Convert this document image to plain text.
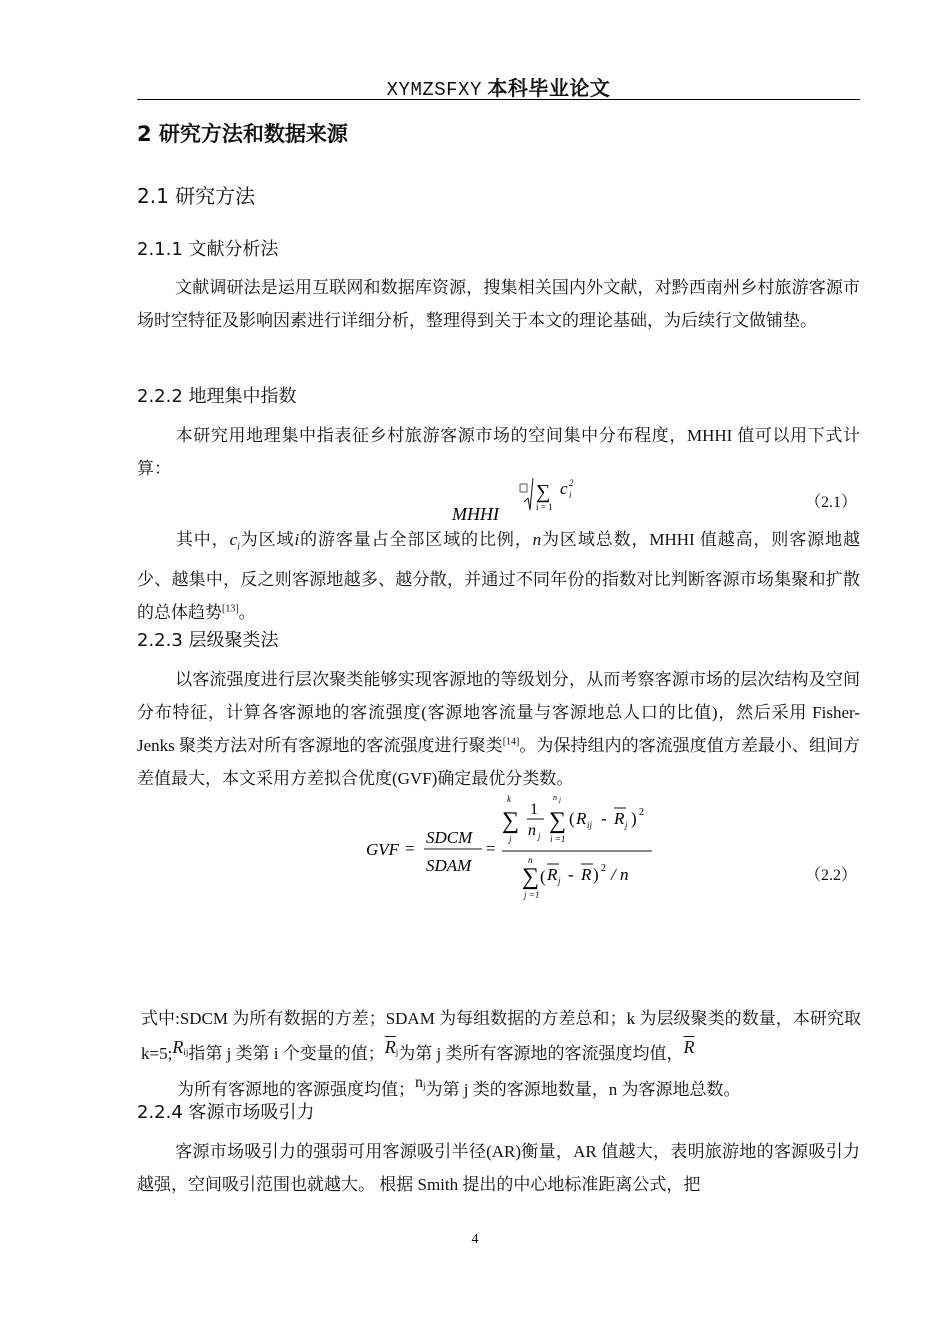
XYMZSFXY 本科毕业论文
2 研究方法和数据来源
2.1 研究方法
2.1.1 文献分析法
文献调研法是运用互联网和数据库资源，搜集相关国内外文献，对黔西南州乡村旅游客源市场时空特征及影响因素进行详细分析，整理得到关于本文的理论基础，为后续行文做铺垫。
2.2.2 地理集中指数
本研究用地理集中指表征乡村旅游客源市场的空间集中分布程度，MHHI 值可以用下式计算：
MHHI
∑
i = 1
c i
2
（2.1）
其中，$c_i$为区域i的游客量占全部区域的比例，n为区域总数，MHHI 值越高，则客源地越少、越集中，反之则客源地越多、越分散，并通过不同年份的指数对比判断客源市场集聚和扩散的总体趋势[13]。
2.2.3 层级聚类法
以客流强度进行层次聚类能够实现客源地的等级划分，从而考察客源市场的层次结构及空间分布特征，计算各客源地的客流强度(客源地客流量与客源地总人口的比值)，然后采用 Fisher-Jenks 聚类方法对所有客源地的客流强度进行聚类[14]。为保持组内的客流强度值方差最小、组间方差值最大，本文采用方差拟合优度(GVF)确定最优分类数。
GVF =
SDCM
SDAM
=
k
∑
j
1
n j
n j
∑
i =1
( R ij - R j ) 2
n
∑ ( R j - R ) 2 / n
j =1
（2.2）
式中:SDCM 为所有数据的方差；SDAM 为每组数据的方差总和；k 为层级聚类的数量，本研究取 $k=5;R^{ij}$指第 j 类第 i 个变量的值；$\overline{R}^j$为第 j 类所有客源地的客流强度均值，$\overline{R}$
为所有客源地的客源强度均值；$n^j$为第 j 类的客源地数量，n 为客源地总数。
2.2.4 客源市场吸引力
客源市场吸引力的强弱可用客源吸引半径(AR)衡量，AR 值越大，表明旅游地的客源吸引力越强，空间吸引范围也就越大。 根据 Smith 提出的中心地标准距离公式，把
4
